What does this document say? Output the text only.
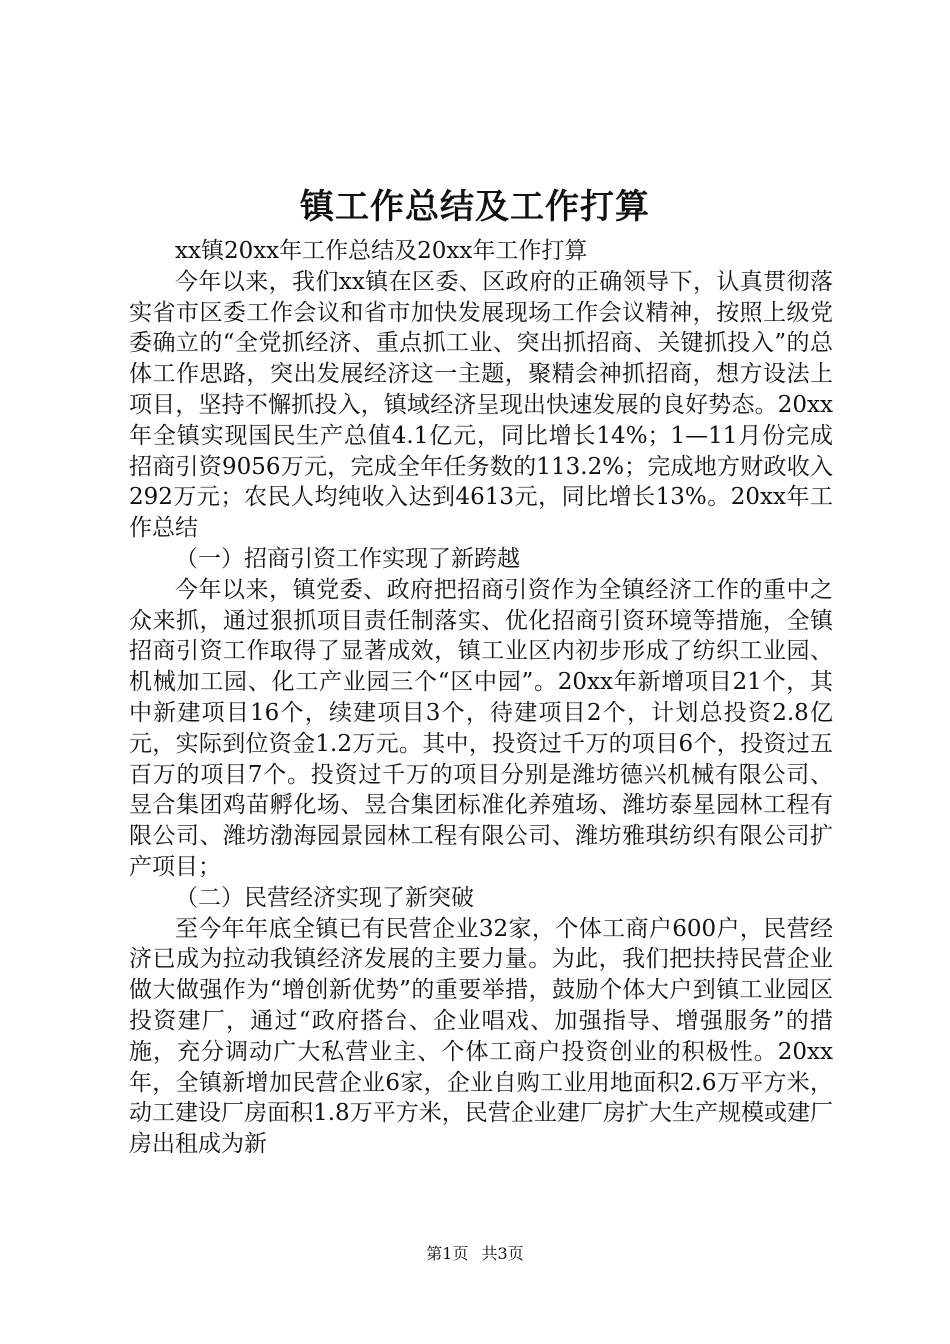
镇工作总结及工作打算

xx镇20xx年工作总结及20xx年工作打算

今年以来，我们xx镇在区委、区政府的正确领导下，认真贯彻落实省市区委工作会议和省市加快发展现场工作会议精神，按照上级党委确立的“全党抓经济、重点抓工业、突出抓招商、关键抓投入”的总体工作思路，突出发展经济这一主题，聚精会神抓招商，想方设法上项目，坚持不懈抓投入，镇域经济呈现出快速发展的良好势态。20xx年全镇实现国民生产总值4.1亿元，同比增长14%；1—11月份完成招商引资9056万元，完成全年任务数的113.2%；完成地方财政收入292万元；农民人均纯收入达到4613元，同比增长13%。20xx年工作总结

（一）招商引资工作实现了新跨越

今年以来，镇党委、政府把招商引资作为全镇经济工作的重中之众来抓，通过狠抓项目责任制落实、优化招商引资环境等措施，全镇招商引资工作取得了显著成效，镇工业区内初步形成了纺织工业园、机械加工园、化工产业园三个“区中园”。20xx年新增项目21个，其中新建项目16个，续建项目3个，待建项目2个，计划总投资2.8亿元，实际到位资金1.2万元。其中，投资过千万的项目6个，投资过五百万的项目7个。投资过千万的项目分别是潍坊德兴机械有限公司、昱合集团鸡苗孵化场、昱合集团标准化养殖场、潍坊泰星园林工程有限公司、潍坊渤海园景园林工程有限公司、潍坊雅琪纺织有限公司扩产项目；

（二）民营经济实现了新突破

至今年年底全镇已有民营企业32家，个体工商户600户，民营经济已成为拉动我镇经济发展的主要力量。为此，我们把扶持民营企业做大做强作为“增创新优势”的重要举措，鼓励个体大户到镇工业园区投资建厂，通过“政府搭台、企业唱戏、加强指导、增强服务”的措施，充分调动广大私营业主、个体工商户投资创业的积极性。20xx年，全镇新增加民营企业6家，企业自购工业用地面积2.6万平方米，动工建设厂房面积1.8万平方米，民营企业建厂房扩大生产规模或建厂房出租成为新

第1页 共3页
